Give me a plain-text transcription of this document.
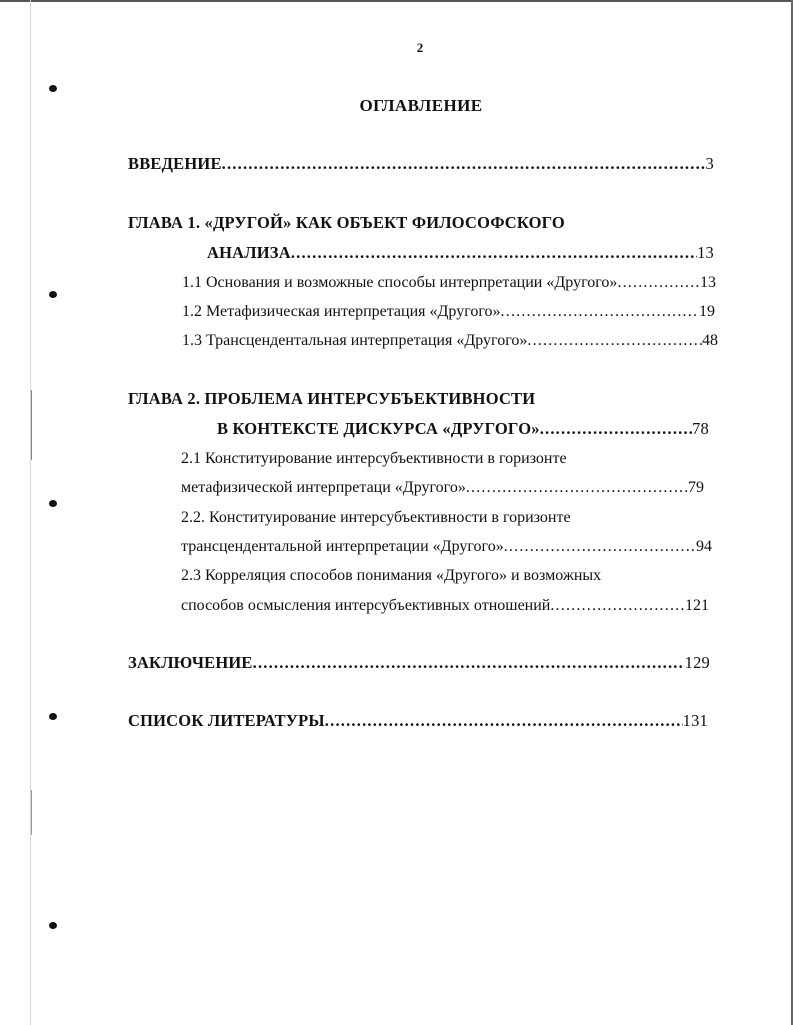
2
ОГЛАВЛЕНИЕ
ВВЕДЕНИЕ .....	3
ГЛАВА 1. «ДРУГОЙ» КАК ОБЪЕКТ ФИЛОСОФСКОГО
АНАЛИЗА .....	13
1.1 Основания и возможные способы интерпретации «Другого» .....	13
1.2 Метафизическая интерпретация «Другого» .....	19
1.3 Трансцендентальная интерпретация «Другого» .....	48
ГЛАВА 2. ПРОБЛЕМА ИНТЕРСУБЪЕКТИВНОСТИ
В КОНТЕКСТЕ ДИСКУРСА «ДРУГОГО» .....	78
2.1 Конституирование интерсубъективности в горизонте
метафизической интерпретаци «Другого» .....	79
2.2. Конституирование интерсубъективности в горизонте
трансцендентальной интерпретации «Другого» .....	94
2.3 Корреляция способов понимания «Другого» и возможных
способов осмысления интерсубъективных отношений .....	121
ЗАКЛЮЧЕНИЕ .....	129
СПИСОК ЛИТЕРАТУРЫ .....	131
